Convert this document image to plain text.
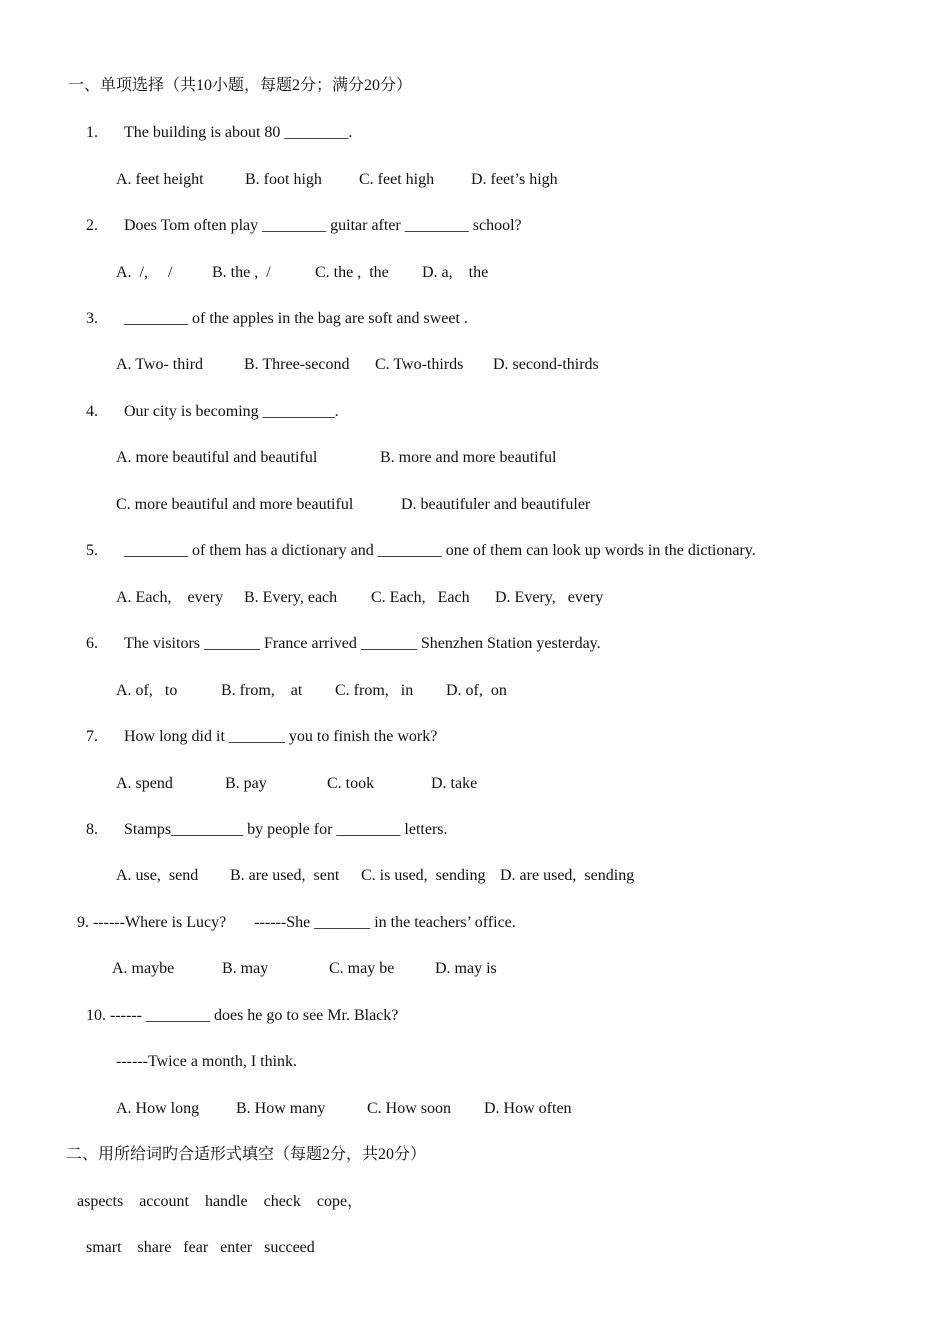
一、单项选择（共10小题，每题2分；满分20分）
1. The building is about 80 ________.
A. feet height	B. foot high	C. feet high	D. feet’s high
2. Does Tom often play ________ guitar after ________ school?
A.  /,     /	B. the ,  /	C. the ,  the	D. a,    the
3. ________ of the apples in the bag are soft and sweet .
A. Two- third	B. Three-second	C. Two-thirds	D. second-thirds
4. Our city is becoming _________.
A. more beautiful and beautiful	B. more and more beautiful
C. more beautiful and more beautiful	D. beautifuler and beautifuler
5. ________ of them has a dictionary and ________ one of them can look up words in the dictionary.
A. Each,    every	B. Every, each	C. Each,   Each	D. Every,   every
6. The visitors _______ France arrived _______ Shenzhen Station yesterday.
A. of,   to	B. from,    at	C. from,   in	D. of,  on
7. How long did it _______ you to finish the work?
A. spend	B. pay	C. took	D. take
8. Stamps_________ by people for ________ letters.
A. use,  send	B. are used,  sent	C. is used,  sending D. are used,  sending
9. ------Where is Lucy?       ------She _______ in the teachers’ office.
A. maybe	B. may	C. may be	D. may is
10. ------ ________ does he go to see Mr. Black?
------Twice a month, I think.
A. How long	B. How many	C. How soon	D. How often
二、用所给词旳合适形式填空（每题2分，共20分）
aspects    account    handle    check    cope，
smart    share   fear   enter   succeed
